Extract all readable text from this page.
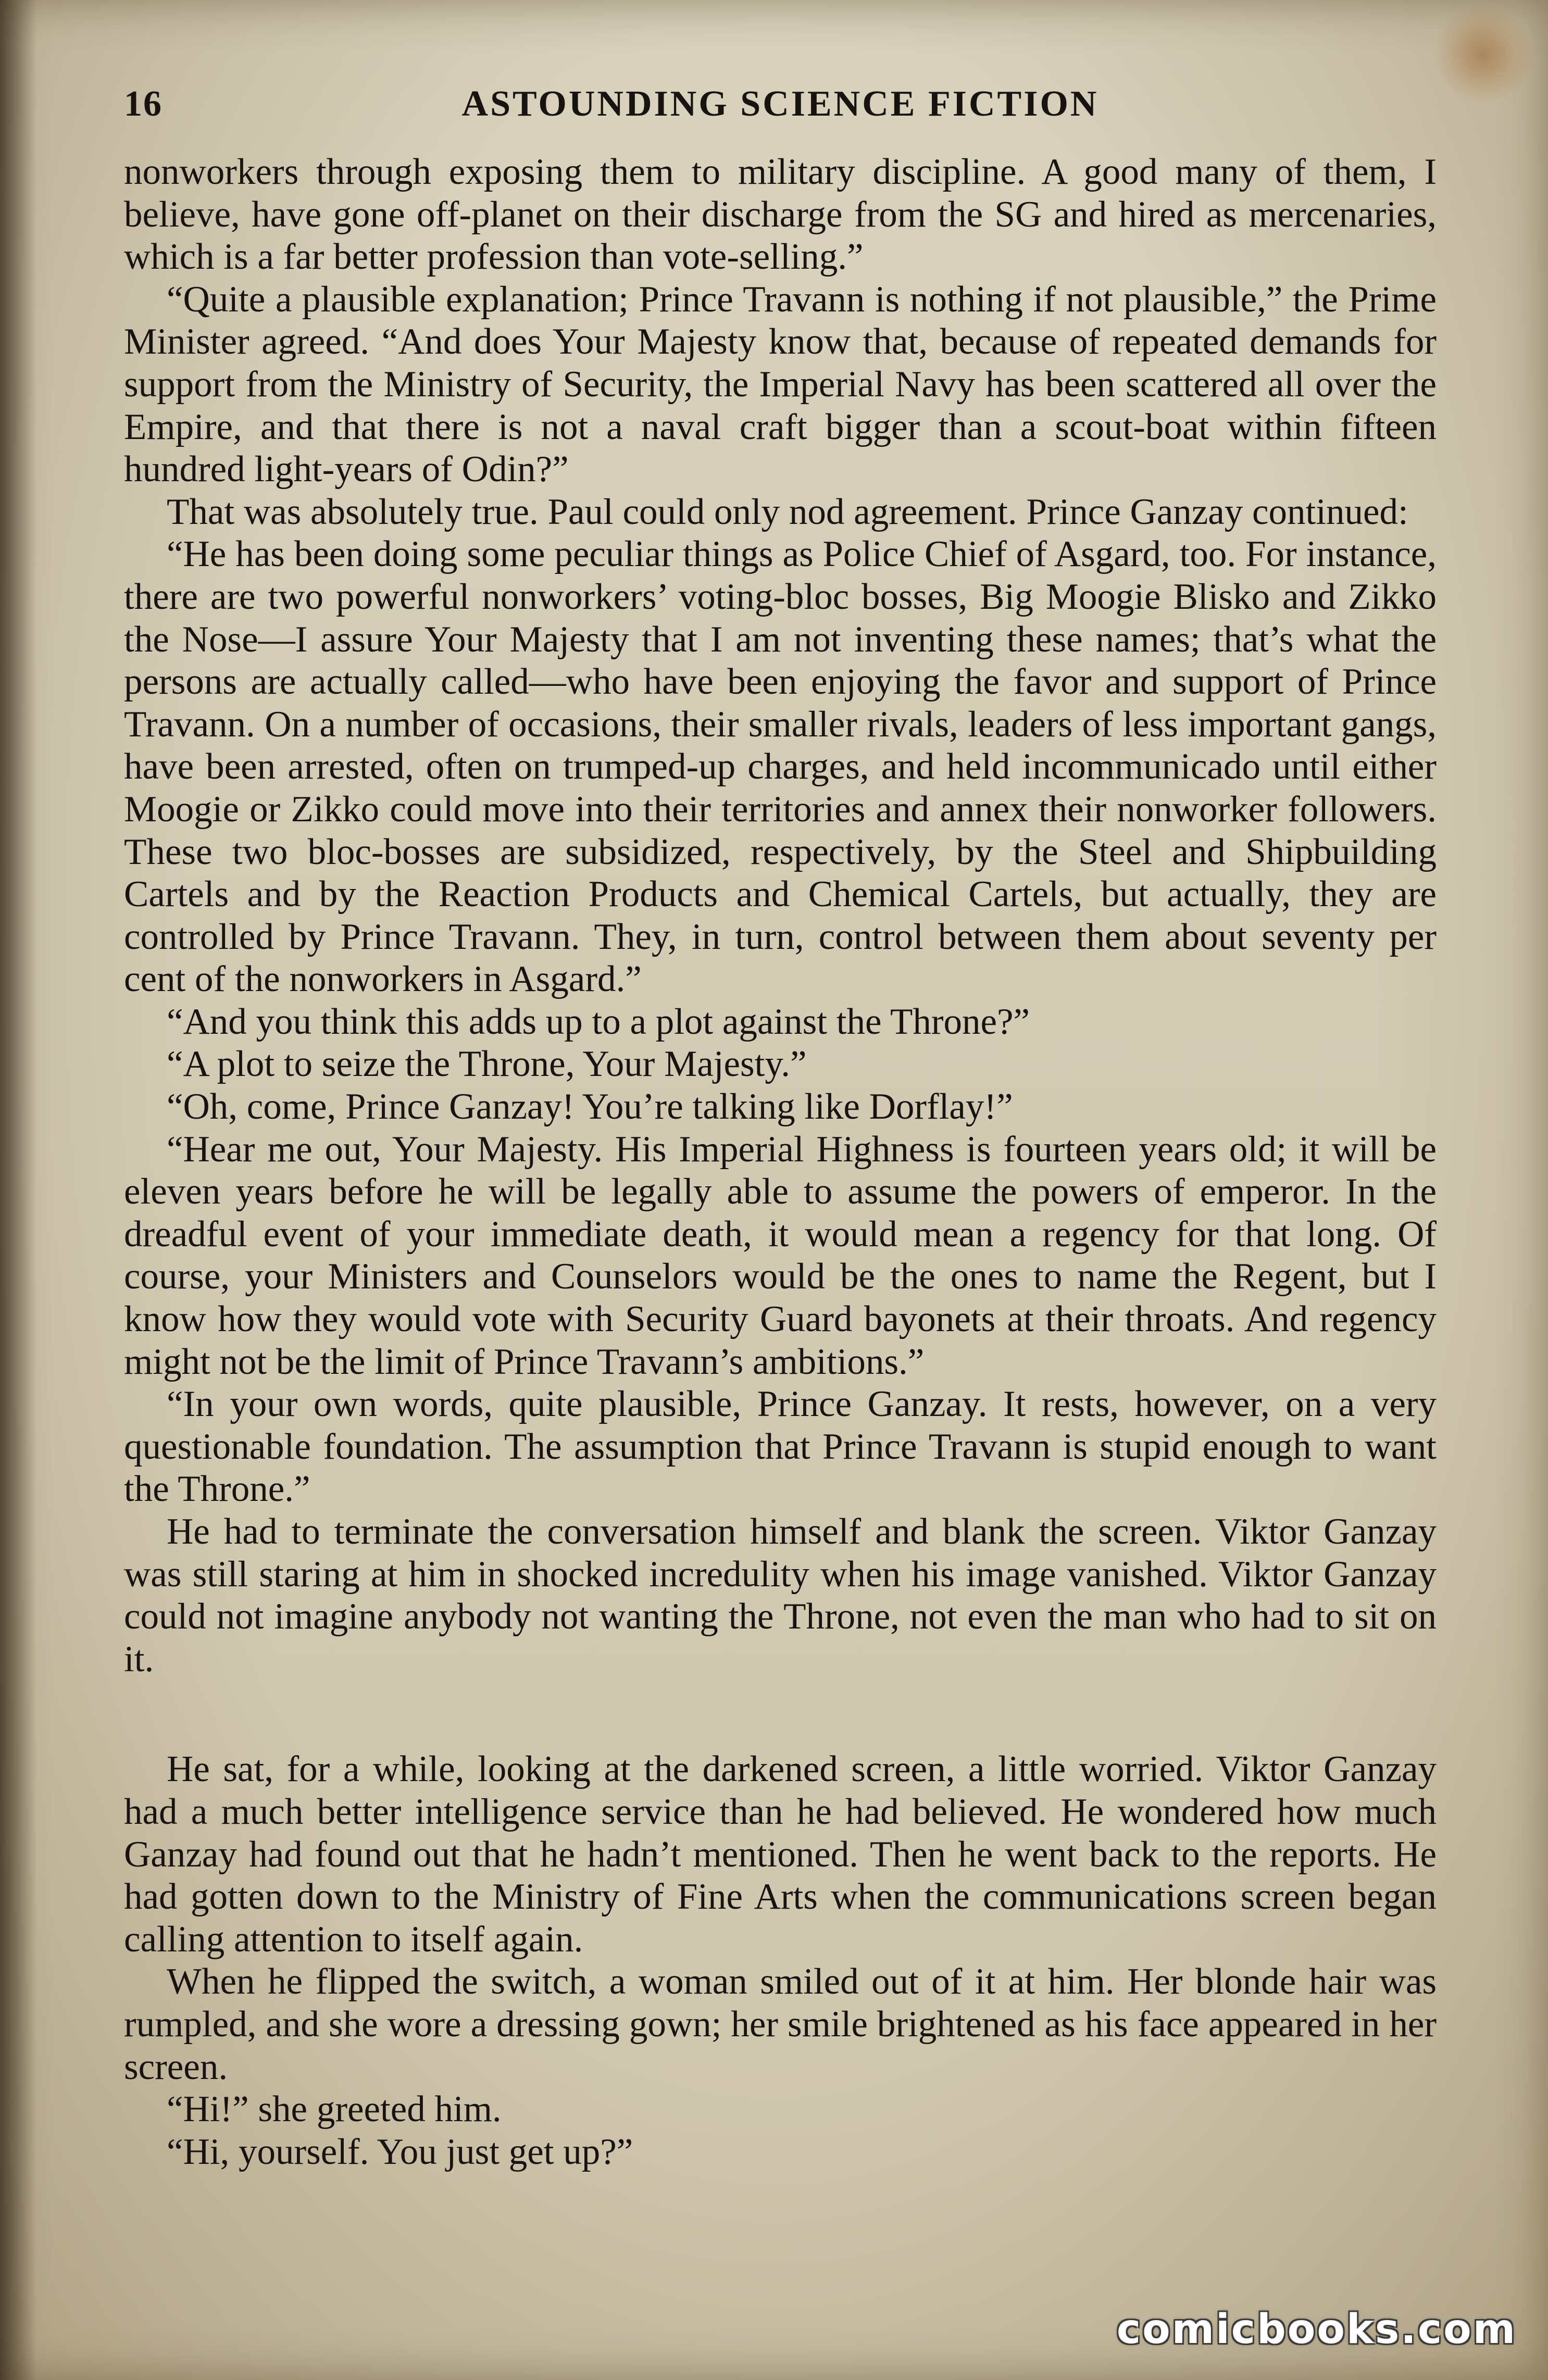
ASTOUNDING SCIENCE FICTION
16

nonworkers through exposing them to military discipline. A good many of them, I believe, have gone off-planet on their discharge from the SG and hired as mercenaries, which is a far better profession than vote-selling.”

“Quite a plausible explanation; Prince Travann is nothing if not plausible,” the Prime Minister agreed. “And does Your Majesty know that, because of repeated demands for support from the Ministry of Security, the Imperial Navy has been scattered all over the Empire, and that there is not a naval craft bigger than a scout-boat within fifteen hundred light-years of Odin?”

That was absolutely true. Paul could only nod agreement. Prince Ganzay continued:

“He has been doing some peculiar things as Police Chief of Asgard, too. For instance, there are two powerful nonworkers’ voting-bloc bosses, Big Moogie Blisko and Zikko the Nose—I assure Your Majesty that I am not inventing these names; that’s what the persons are actually called—who have been enjoying the favor and support of Prince Travann. On a number of occasions, their smaller rivals, leaders of less important gangs, have been arrested, often on trumped-up charges, and held incommunicado until either Moogie or Zikko could move into their territories and annex their nonworker followers. These two bloc-bosses are subsidized, respectively, by the Steel and Shipbuilding Cartels and by the Reaction Products and Chemical Cartels, but actually, they are controlled by Prince Travann. They, in turn, control between them about seventy per cent of the nonworkers in Asgard.”

“And you think this adds up to a plot against the Throne?”

“A plot to seize the Throne, Your Majesty.”

“Oh, come, Prince Ganzay! You’re talking like Dorflay!”

“Hear me out, Your Majesty. His Imperial Highness is fourteen years old; it will be eleven years before he will be legally able to assume the powers of emperor. In the dreadful event of your immediate death, it would mean a regency for that long. Of course, your Ministers and Counselors would be the ones to name the Regent, but I know how they would vote with Security Guard bayonets at their throats. And regency might not be the limit of Prince Travann’s ambitions.”

“In your own words, quite plausible, Prince Ganzay. It rests, however, on a very questionable foundation. The assumption that Prince Travann is stupid enough to want the Throne.”

He had to terminate the conversation himself and blank the screen. Viktor Ganzay was still staring at him in shocked incredulity when his image vanished. Viktor Ganzay could not imagine anybody not wanting the Throne, not even the man who had to sit on it.

He sat, for a while, looking at the darkened screen, a little worried. Viktor Ganzay had a much better intelligence service than he had believed. He wondered how much Ganzay had found out that he hadn’t mentioned. Then he went back to the reports. He had gotten down to the Ministry of Fine Arts when the communications screen began calling attention to itself again.

When he flipped the switch, a woman smiled out of it at him. Her blonde hair was rumpled, and she wore a dressing gown; her smile brightened as his face appeared in her screen.

“Hi!” she greeted him.

“Hi, yourself. You just get up?”

comicbooks.com
